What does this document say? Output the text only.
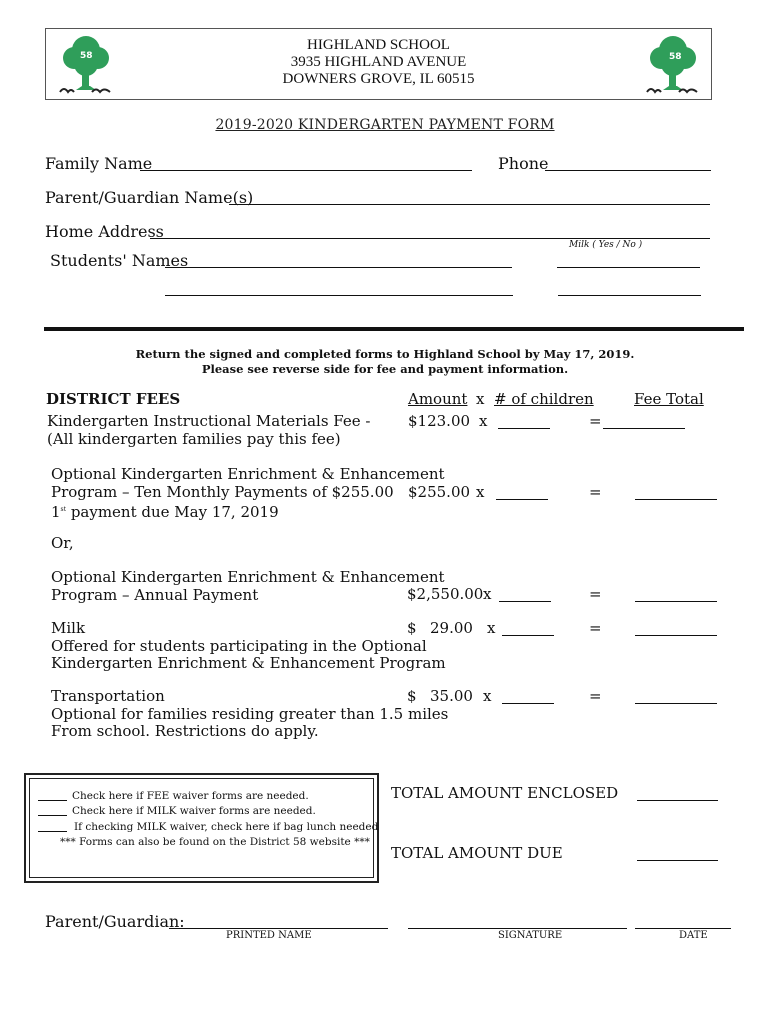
HIGHLAND SCHOOL
3935 HIGHLAND AVENUE
DOWNERS GROVE, IL 60515
58	58
2019-2020 KINDERGARTEN PAYMENT FORM
Family Name	Phone
Parent/Guardian Name(s)
Home Address
Milk ( Yes / No )
Students' Names
Return the signed and completed forms to Highland School by May 17, 2019.
Please see reverse side for fee and payment information.
DISTRICT FEES	Amount x # of children	Fee Total
Kindergarten Instructional Materials Fee -
(All kindergarten families pay this fee)
$123.00 x	=
Optional Kindergarten Enrichment & Enhancement
Program – Ten Monthly Payments of $255.00
1st payment due May 17, 2019
$255.00 x	=
Or,
Optional Kindergarten Enrichment & Enhancement
Program – Annual Payment	$2,550.00 x	=
Milk
Offered for students participating in the Optional
Kindergarten Enrichment & Enhancement Program
$ 29.00 x	=
Transportation
Optional for families residing greater than 1.5 miles
From school. Restrictions do apply.
$ 35.00 x	=
Check here if FEE waiver forms are needed.
Check here if MILK waiver forms are needed.
If checking MILK waiver, check here if bag lunch needed
*** Forms can also be found on the District 58 website ***
TOTAL AMOUNT ENCLOSED
TOTAL AMOUNT DUE
Parent/Guardian:
PRINTED NAME	SIGNATURE	DATE
